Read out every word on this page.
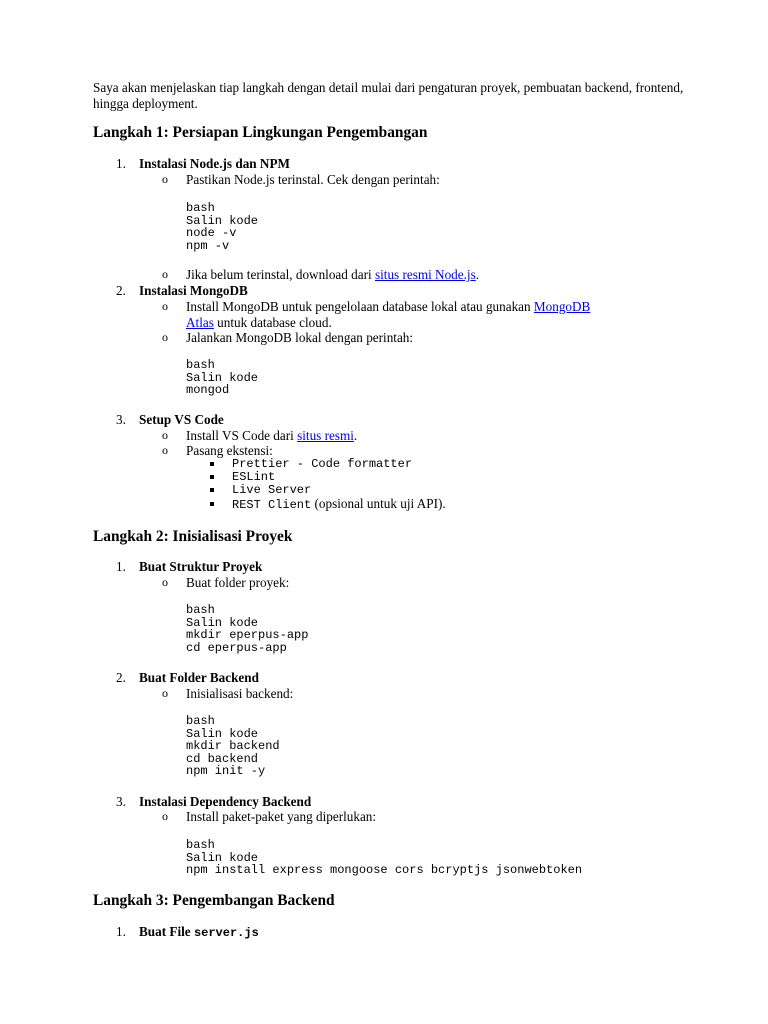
Saya akan menjelaskan tiap langkah dengan detail mulai dari pengaturan proyek, pembuatan backend, frontend, hingga deployment.

Langkah 1: Persiapan Lingkungan Pengembangan
1. Instalasi Node.js dan NPM
o	Pastikan Node.js terinstal. Cek dengan perintah:
bash
Salin kode
node -v
npm -v
o	Jika belum terinstal, download dari situs resmi Node.js.
2. Instalasi MongoDB
o	Install MongoDB untuk pengelolaan database lokal atau gunakan MongoDB
Atlas untuk database cloud.
o	Jalankan MongoDB lokal dengan perintah:
bash
Salin kode
mongod
3. Setup VS Code
o	Install VS Code dari situs resmi.
o	Pasang ekstensi:
Prettier - Code formatter
ESLint
Live Server
REST Client (opsional untuk uji API).
Langkah 2: Inisialisasi Proyek
1. Buat Struktur Proyek
o	Buat folder proyek:
bash
Salin kode
mkdir eperpus-app
cd eperpus-app
2. Buat Folder Backend
o	Inisialisasi backend:
bash
Salin kode
mkdir backend
cd backend
npm init -y
3. Instalasi Dependency Backend
o	Install paket-paket yang diperlukan:
bash
Salin kode
npm install express mongoose cors bcryptjs jsonwebtoken
Langkah 3: Pengembangan Backend
1. Buat File server.js
